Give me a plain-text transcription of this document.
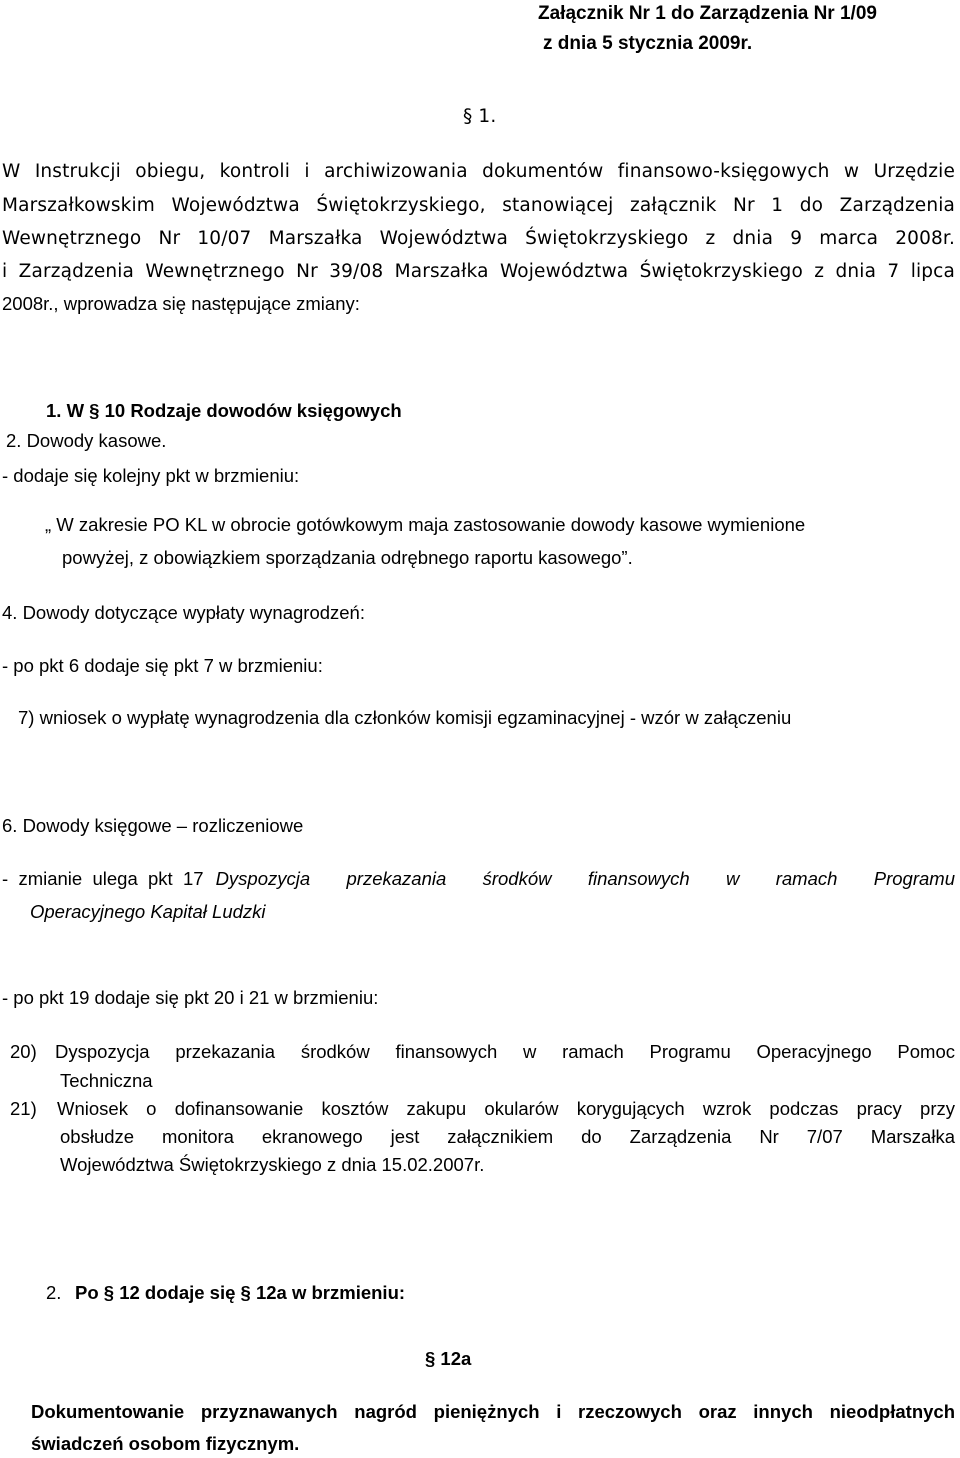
Załącznik Nr 1 do Zarządzenia Nr 1/09
z dnia 5 stycznia 2009r.
§ 1.
W Instrukcji obiegu, kontroli i archiwizowania dokumentów finansowo-księgowych w Urzędzie
Marszałkowskim Województwa Świętokrzyskiego, stanowiącej załącznik Nr 1 do Zarządzenia
Wewnętrznego Nr 10/07 Marszałka Województwa Świętokrzyskiego z dnia 9 marca 2008r.
i Zarządzenia Wewnętrznego Nr 39/08 Marszałka Województwa Świętokrzyskiego z dnia 7 lipca
2008r., wprowadza się następujące zmiany:
1. W § 10 Rodzaje dowodów księgowych
2. Dowody kasowe.
- dodaje się kolejny pkt w brzmieniu:
„ W zakresie PO KL w obrocie gotówkowym maja zastosowanie dowody kasowe wymienione
powyżej, z obowiązkiem sporządzania odrębnego raportu kasowego”.
4. Dowody dotyczące wypłaty wynagrodzeń:
- po pkt 6 dodaje się pkt 7 w brzmieniu:
7) wniosek o wypłatę wynagrodzenia dla członków komisji egzaminacyjnej - wzór w załączeniu
6. Dowody księgowe – rozliczeniowe
-  zmianie  ulega  pkt  17 Dyspozycja  przekazania  środków  finansowych  w  ramach  Programu
Operacyjnego Kapitał Ludzki
- po pkt 19 dodaje się pkt 20 i 21 w brzmieniu:
20) Dyspozycja przekazania środków finansowych w ramach Programu Operacyjnego Pomoc
Techniczna
21) Wniosek o dofinansowanie kosztów zakupu okularów korygujących wzrok podczas pracy przy
obsłudze monitora ekranowego jest załącznikiem do Zarządzenia Nr 7/07 Marszałka
Województwa Świętokrzyskiego z dnia 15.02.2007r.
2. Po § 12 dodaje się § 12a w brzmieniu:
§ 12a
Dokumentowanie przyznawanych nagród pieniężnych i rzeczowych oraz innych nieodpłatnych
świadczeń osobom fizycznym.
